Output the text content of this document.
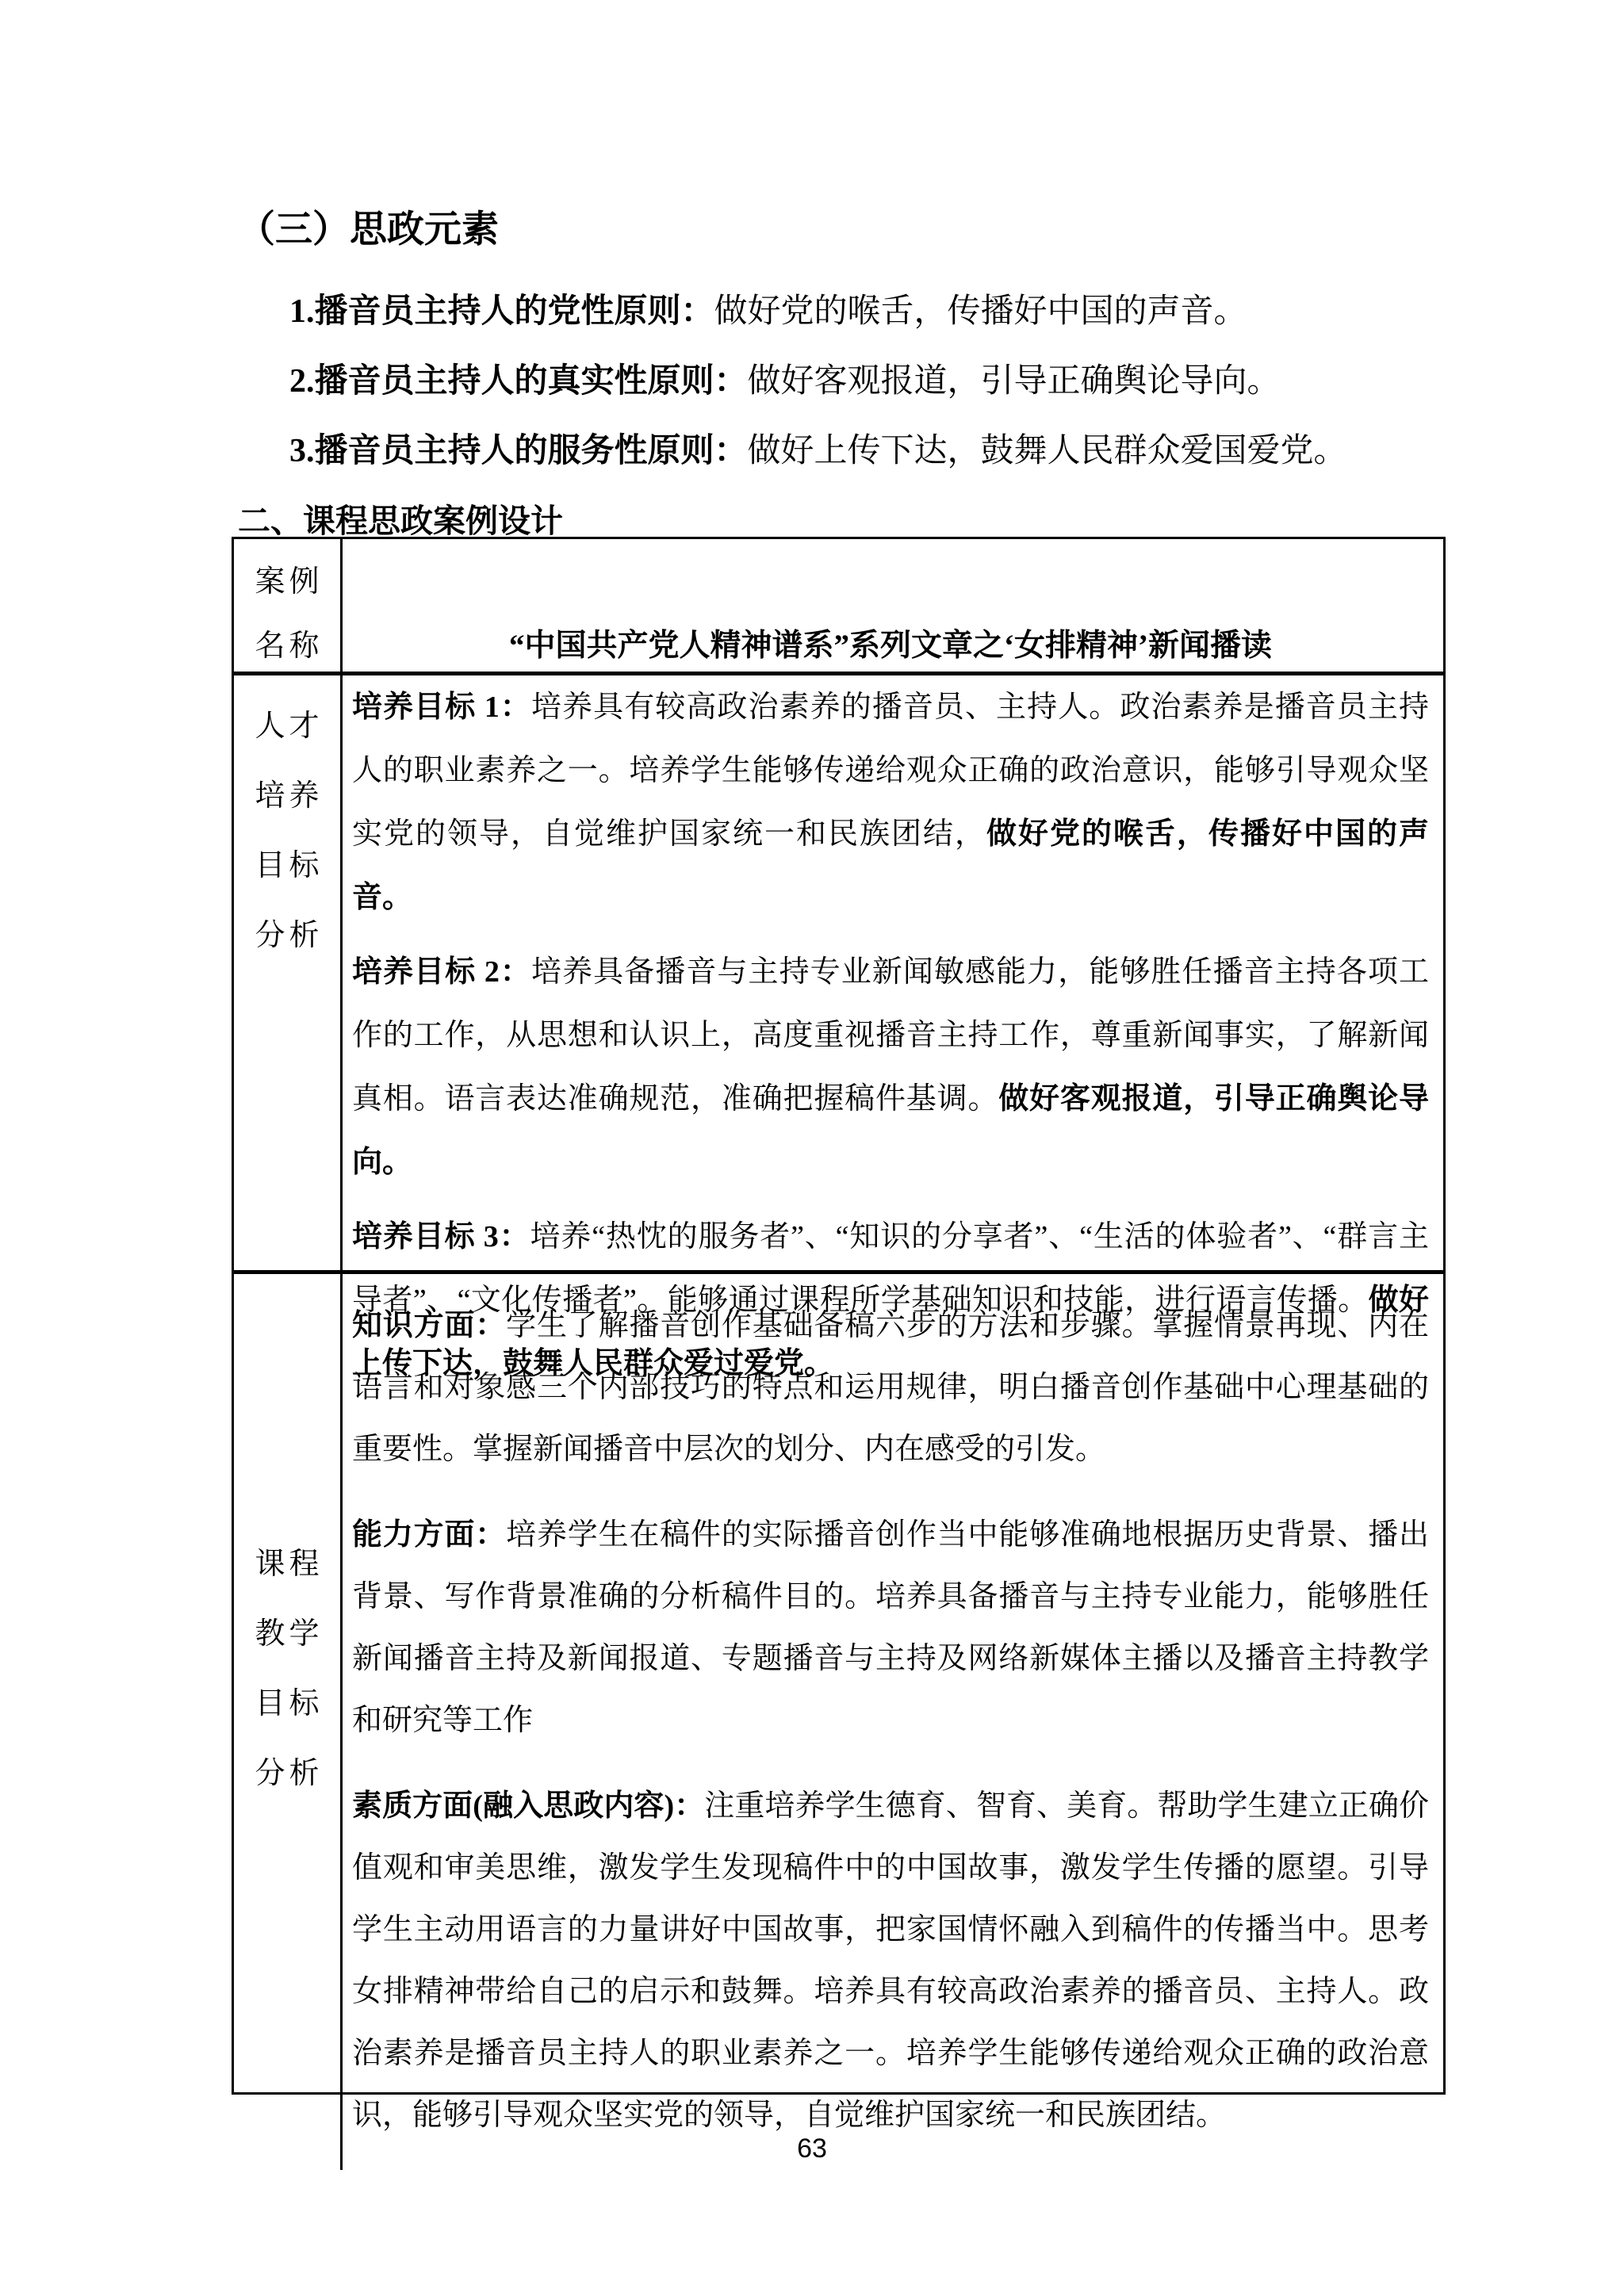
（三）思政元素
1.播音员主持人的党性原则：做好党的喉舌，传播好中国的声音。
2.播音员主持人的真实性原则：做好客观报道，引导正确舆论导向。
3.播音员主持人的服务性原则：做好上传下达，鼓舞人民群众爱国爱党。
二、课程思政案例设计
案例
名称	“中国共产党人精神谱系”系列文章之‘女排精神’新闻播读
人才
培养
目标
分析
培养目标 1：培养具有较高政治素养的播音员、主持人。政治素养是播音员主持人的职业素养之一。培养学生能够传递给观众正确的政治意识，能够引导观众坚实党的领导，自觉维护国家统一和民族团结，做好党的喉舌，传播好中国的声音。
培养目标 2：培养具备播音与主持专业新闻敏感能力，能够胜任播音主持各项工作的工作，从思想和认识上，高度重视播音主持工作，尊重新闻事实，了解新闻真相。语言表达准确规范，准确把握稿件基调。做好客观报道，引导正确舆论导向。
培养目标 3：培养“热忱的服务者”、“知识的分享者”、“生活的体验者”、“群言主导者”、“文化传播者”。能够通过课程所学基础知识和技能，进行语言传播。做好上传下达，鼓舞人民群众爱过爱党。
课程
教学
目标
分析
知识方面：学生了解播音创作基础备稿六步的方法和步骤。掌握情景再现、内在语言和对象感三个内部技巧的特点和运用规律，明白播音创作基础中心理基础的重要性。掌握新闻播音中层次的划分、内在感受的引发。
能力方面：培养学生在稿件的实际播音创作当中能够准确地根据历史背景、播出背景、写作背景准确的分析稿件目的。培养具备播音与主持专业能力，能够胜任新闻播音主持及新闻报道、专题播音与主持及网络新媒体主播以及播音主持教学和研究等工作
素质方面(融入思政内容)：注重培养学生德育、智育、美育。帮助学生建立正确价值观和审美思维，激发学生发现稿件中的中国故事，激发学生传播的愿望。引导学生主动用语言的力量讲好中国故事，把家国情怀融入到稿件的传播当中。思考女排精神带给自己的启示和鼓舞。培养具有较高政治素养的播音员、主持人。政治素养是播音员主持人的职业素养之一。培养学生能够传递给观众正确的政治意识，能够引导观众坚实党的领导，自觉维护国家统一和民族团结。
63
